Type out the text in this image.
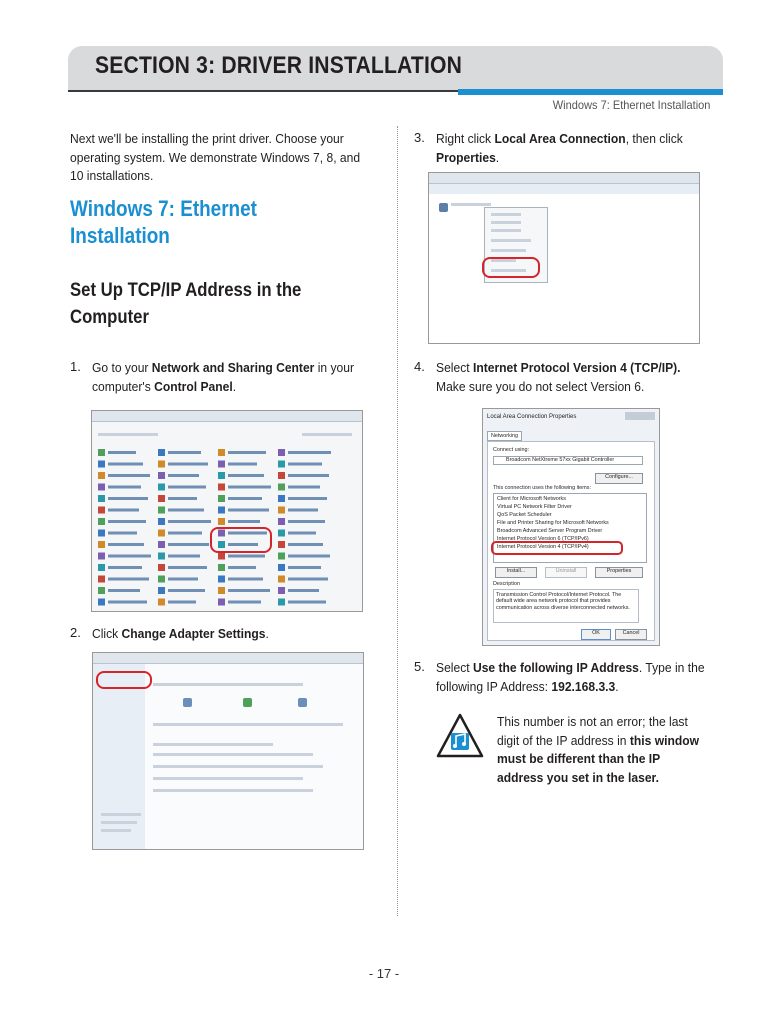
SECTION 3: DRIVER INSTALLATION
Windows 7: Ethernet Installation

Next we'll be installing the print driver. Choose your operating system. We demonstrate Windows 7, 8, and 10 installations.

Windows 7: Ethernet Installation
Set Up TCP/IP Address in the Computer
1. Go to your Network and Sharing Center in your computer's Control Panel.

2. Click Change Adapter Settings.

3. Right click Local Area Connection, then click Properties.

4. Select Internet Protocol Version 4 (TCP/IP). Make sure you do not select Version 6.

Local Area Connection Properties
Networking
Connect using:
Broadcom NetXtreme 57xx Gigabit Controller
Configure...
This connection uses the following items:
Client for Microsoft Networks
Virtual PC Network Filter Driver
QoS Packet Scheduler
File and Printer Sharing for Microsoft Networks
Broadcom Advanced Server Program Driver
Internet Protocol Version 6 (TCP/IPv6)
Internet Protocol Version 4 (TCP/IPv4)
Install...	Uninstall	Properties
Description
Transmission Control Protocol/Internet Protocol. The default wide area network protocol that provides communication across diverse interconnected networks.
OK	Cancel
5. Select Use the following IP Address. Type in the following IP Address: 192.168.3.3.

This number is not an error; the last digit of the IP address in this window must be different than the IP address you set in the laser.

- 17 -
